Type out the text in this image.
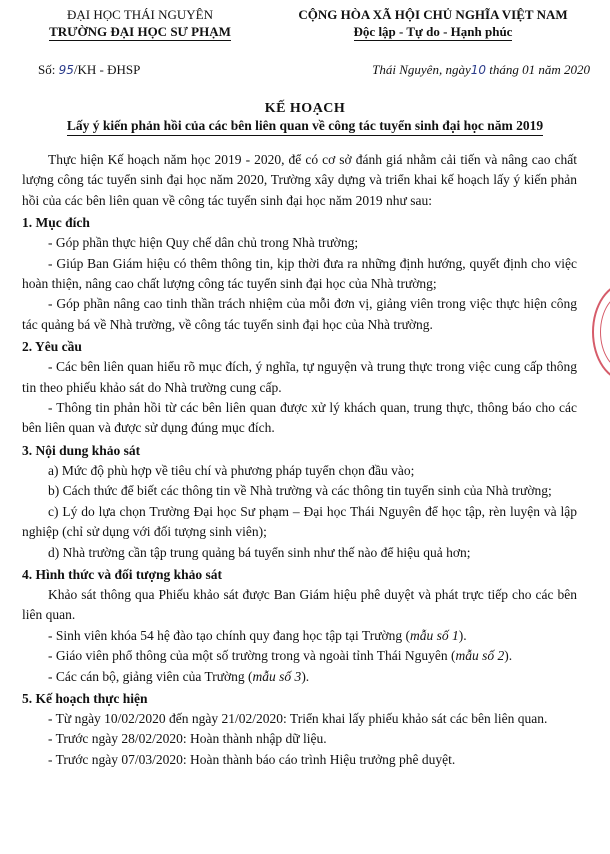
ĐẠI HỌC THÁI NGUYÊN
TRƯỜNG ĐẠI HỌC SƯ PHẠM
CỘNG HÒA XÃ HỘI CHỦ NGHĨA VIỆT NAM
Độc lập - Tự do - Hạnh phúc
Số: 95/KH - ĐHSP	Thái Nguyên, ngày10 tháng 01 năm 2020
KẾ HOẠCH
Lấy ý kiến phản hồi của các bên liên quan về công tác tuyển sinh đại học năm 2019

Thực hiện Kế hoạch năm học 2019 - 2020, để có cơ sở đánh giá nhằm cải tiến và nâng cao chất lượng công tác tuyển sinh đại học năm 2020, Trường xây dựng và triển khai kế hoạch lấy ý kiến phản hồi của các bên liên quan về công tác tuyển sinh đại học năm 2019 như sau:

1. Mục đích

- Góp phần thực hiện Quy chế dân chủ trong Nhà trường;

- Giúp Ban Giám hiệu có thêm thông tin, kịp thời đưa ra những định hướng, quyết định cho việc hoàn thiện, nâng cao chất lượng công tác tuyển sinh đại học của Nhà trường;

- Góp phần nâng cao tinh thần trách nhiệm của mỗi đơn vị, giảng viên trong việc thực hiện công tác quảng bá về Nhà trường, về công tác tuyển sinh đại học của Nhà trường.

2. Yêu cầu

- Các bên liên quan hiểu rõ mục đích, ý nghĩa, tự nguyện và trung thực trong việc cung cấp thông tin theo phiếu khảo sát do Nhà trường cung cấp.

- Thông tin phản hồi từ các bên liên quan được xử lý khách quan, trung thực, thông báo cho các bên liên quan và được sử dụng đúng mục đích.

3. Nội dung khảo sát

a) Mức độ phù hợp về tiêu chí và phương pháp tuyển chọn đầu vào;

b) Cách thức để biết các thông tin về Nhà trường và các thông tin tuyển sinh của Nhà trường;

c) Lý do lựa chọn Trường Đại học Sư phạm – Đại học Thái Nguyên để học tập, rèn luyện và lập nghiệp (chỉ sử dụng với đối tượng sinh viên);

d) Nhà trường cần tập trung quảng bá tuyển sinh như thế nào để hiệu quả hơn;

4. Hình thức và đối tượng khảo sát

Khảo sát thông qua Phiếu khảo sát được Ban Giám hiệu phê duyệt và phát trực tiếp cho các bên liên quan.

- Sinh viên khóa 54 hệ đào tạo chính quy đang học tập tại Trường (mẫu số 1).

- Giáo viên phổ thông của một số trường trong và ngoài tỉnh Thái Nguyên (mẫu số 2).

- Các cán bộ, giảng viên của Trường (mẫu số 3).

5. Kế hoạch thực hiện

- Từ ngày 10/02/2020 đến ngày 21/02/2020: Triển khai lấy phiếu khảo sát các bên liên quan.

- Trước ngày 28/02/2020: Hoàn thành nhập dữ liệu.

- Trước ngày 07/03/2020: Hoàn thành báo cáo trình Hiệu trưởng phê duyệt.
